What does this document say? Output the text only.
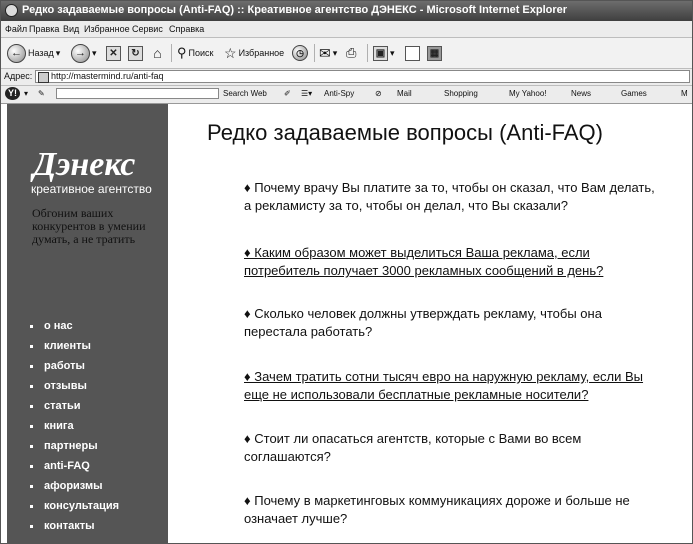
Редко задаваемые вопросы (Anti-FAQ) :: Креативное агентство ДЭНЕКС - Microsoft Internet Explorer
Файл Правка Вид Избранное Сервис Справка
← Назад ▾	→ ▾	✕	↻ ⌂ ⚲ Поиск ☆ Избранное	◷ ✉ ▾ ⎙ ▣ ▾	▦
Адрес: http://mastermind.ru/anti-faq
Y! ▾ ✎	Search Web ✐ ☰▾ Anti-Spy	⊘ Mail	Shopping	My Yahoo!	News	Games	M
Дэнекс
креативное агентство
Обгоним ваших конкурентов в умении думать, а не тратить
о нас
клиенты
работы
отзывы
статьи
книга
партнеры
anti-FAQ
афоризмы
консультация
контакты
Редко задаваемые вопросы (Anti-FAQ)
♦ Почему врачу Вы платите за то, чтобы он сказал, что Вам делать, а рекламисту за то, чтобы он делал, что Вы сказали?
♦ Каким образом может выделиться Ваша реклама, если потребитель получает 3000 рекламных сообщений в день?
♦ Сколько человек должны утверждать рекламу, чтобы она перестала работать?
♦ Зачем тратить сотни тысяч евро на наружную рекламу, если Вы еще не использовали бесплатные рекламные носители?
♦ Стоит ли опасаться агентств, которые с Вами во всем соглашаются?
♦ Почему в маркетинговых коммуникациях дороже и больше не означает лучше?
